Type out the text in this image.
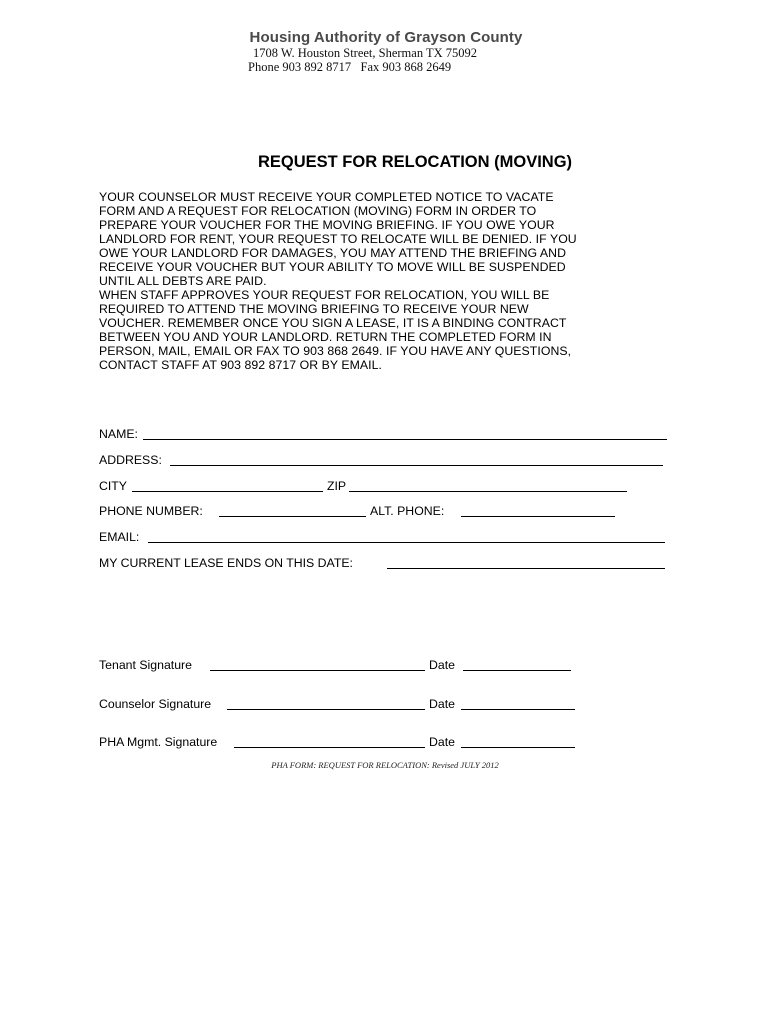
Housing Authority of Grayson County
1708 W. Houston Street, Sherman TX 75092
Phone 903 892 8717   Fax 903 868 2649
REQUEST FOR RELOCATION (MOVING)
YOUR COUNSELOR MUST RECEIVE YOUR COMPLETED NOTICE TO VACATE
FORM AND A REQUEST FOR RELOCATION (MOVING) FORM IN ORDER TO
PREPARE YOUR VOUCHER FOR THE MOVING BRIEFING. IF YOU OWE YOUR
LANDLORD FOR RENT, YOUR REQUEST TO RELOCATE WILL BE DENIED. IF YOU
OWE YOUR LANDLORD FOR DAMAGES, YOU MAY ATTEND THE BRIEFING AND
RECEIVE YOUR VOUCHER BUT YOUR ABILITY TO MOVE WILL BE SUSPENDED
UNTIL ALL DEBTS ARE PAID.
WHEN STAFF APPROVES YOUR REQUEST FOR RELOCATION, YOU WILL BE
REQUIRED TO ATTEND THE MOVING BRIEFING TO RECEIVE YOUR NEW
VOUCHER. REMEMBER ONCE YOU SIGN A LEASE, IT IS A BINDING CONTRACT
BETWEEN YOU AND YOUR LANDLORD. RETURN THE COMPLETED FORM IN
PERSON, MAIL, EMAIL OR FAX TO 903 868 2649. IF YOU HAVE ANY QUESTIONS,
CONTACT STAFF AT 903 892 8717 OR BY EMAIL.
NAME:
ADDRESS:
CITY	ZIP
PHONE NUMBER:	ALT. PHONE:
EMAIL:
MY CURRENT LEASE ENDS ON THIS DATE:
Tenant Signature	Date
Counselor Signature	Date
PHA Mgmt. Signature	Date
PHA FORM: REQUEST FOR RELOCATION: Revised JULY 2012
